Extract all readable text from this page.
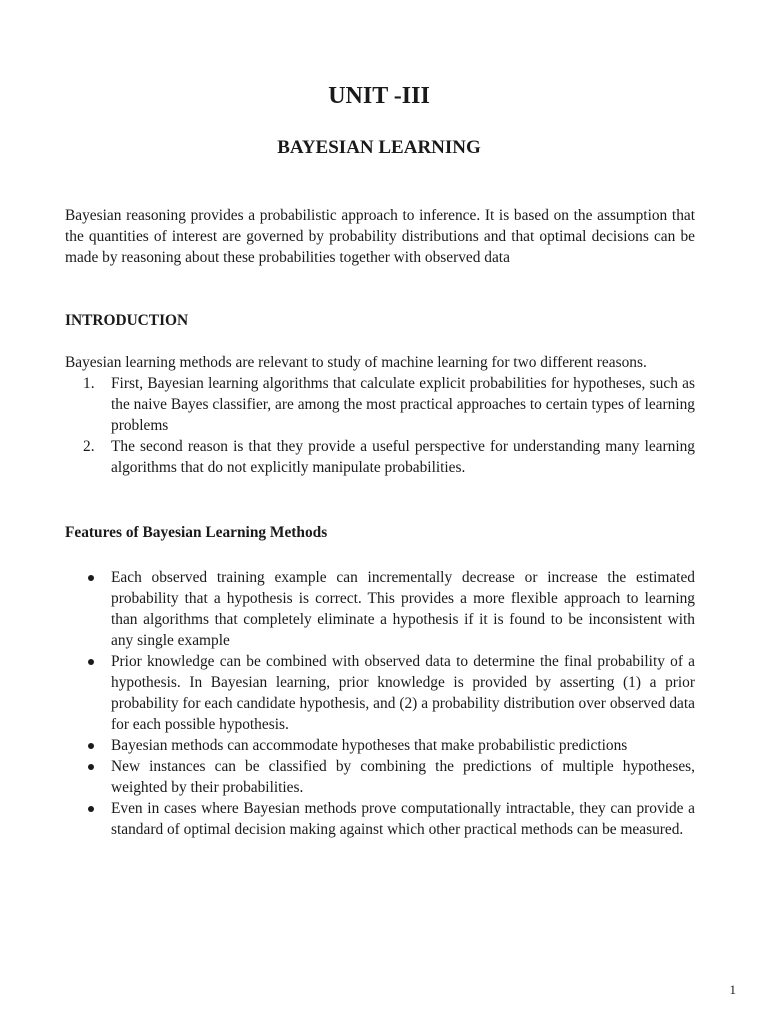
UNIT -III
BAYESIAN LEARNING

Bayesian reasoning provides a probabilistic approach to inference. It is based on the assumption that the quantities of interest are governed by probability distributions and that optimal decisions can be made by reasoning about these probabilities together with observed data

INTRODUCTION

Bayesian learning methods are relevant to study of machine learning for two different reasons.

1.	First, Bayesian learning algorithms that calculate explicit probabilities for hypotheses, such as the naive Bayes classifier, are among the most practical approaches to certain types of learning problems
2.	The second reason is that they provide a useful perspective for understanding many learning algorithms that do not explicitly manipulate probabilities.
Features of Bayesian Learning Methods
Each observed training example can incrementally decrease or increase the estimated probability that a hypothesis is correct. This provides a more flexible approach to learning than algorithms that completely eliminate a hypothesis if it is found to be inconsistent with any single example
Prior knowledge can be combined with observed data to determine the final probability of a hypothesis. In Bayesian learning, prior knowledge is provided by asserting (1) a prior probability for each candidate hypothesis, and (2) a probability distribution over observed data for each possible hypothesis.
Bayesian methods can accommodate hypotheses that make probabilistic predictions
New instances can be classified by combining the predictions of multiple hypotheses, weighted by their probabilities.
Even in cases where Bayesian methods prove computationally intractable, they can provide a standard of optimal decision making against which other practical methods can be measured.
1
